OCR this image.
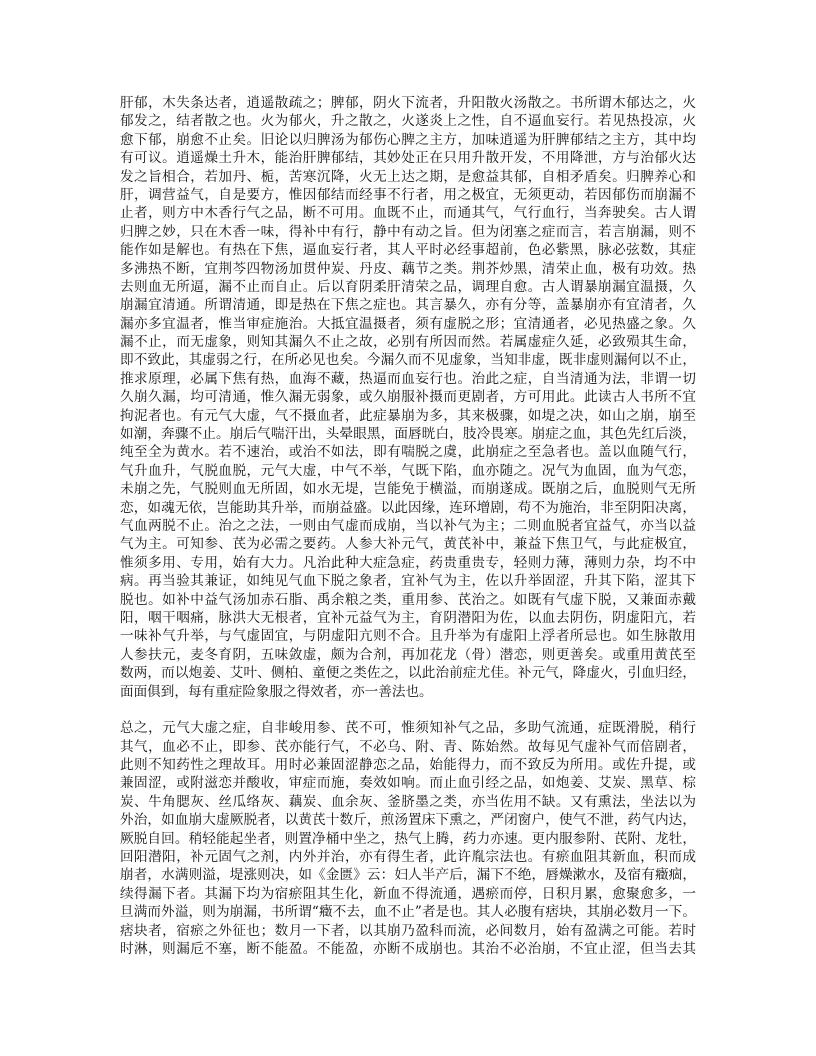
肝郁，木失条达者，逍遥散疏之；脾郁，阴火下流者，升阳散火汤散之。书所谓木郁达之，火
郁发之，结者散之也。火为郁火，升之散之，火遂炎上之性，自不逼血妄行。若见热投凉，火
愈下郁，崩愈不止矣。旧论以归脾汤为郁伤心脾之主方，加味逍遥为肝脾郁结之主方，其中均
有可议。逍遥燥土升木，能治肝脾郁结，其妙处正在只用升散开发，不用降泄，方与治郁火达
发之旨相合，若加丹、栀，苦寒沉降，火无上达之期，是愈益其郁，自相矛盾矣。归脾养心和
肝，调营益气，自是要方，惟因郁结而经事不行者，用之极宜，无须更动，若因郁伤而崩漏不
止者，则方中木香行气之品，断不可用。血既不止，而通其气，气行血行，当奔驶矣。古人谓
归脾之妙，只在木香一味，得补中有行，静中有动之旨。但为闭塞之症而言，若言崩漏，则不
能作如是解也。有热在下焦，逼血妄行者，其人平时必经事超前，色必紫黑，脉必弦数，其症
多沸热不断，宜荆芩四物汤加贯仲炭、丹皮、藕节之类。荆芥炒黑，清荣止血，极有功效。热
去则血无所逼，漏不止而自止。后以育阴柔肝清荣之品，调理自愈。古人谓暴崩漏宜温摄，久
崩漏宜清通。所谓清通，即是热在下焦之症也。其言暴久，亦有分等，盖暴崩亦有宜清者，久
漏亦多宜温者，惟当审症施治。大抵宜温摄者，须有虚脱之形；宜清通者，必见热盛之象。久
漏不止，而无虚象，则知其漏久不止之故，必别有所因而然。若属虚症久延，必致殒其生命，
即不致此，其虚弱之行，在所必见也矣。今漏久而不见虚象，当知非虚，既非虚则漏何以不止，
推求原理，必属下焦有热，血海不藏，热逼而血妄行也。治此之症，自当清通为法，非谓一切
久崩久漏，均可清通，惟久漏无弱象，或久崩服补摄而更剧者，方可用此。此读古人书所不宜
拘泥者也。有元气大虚，气不摄血者，此症暴崩为多，其来极骤，如堤之决，如山之崩，崩至
如潮，奔骤不止。崩后气喘汗出，头晕眼黑，面唇晄白，肢冷畏寒。崩症之血，其色先红后淡，
纯至全为黄水。若不速治，或治不如法，即有喘脱之虞，此崩症之至急者也。盖以血随气行，
气升血升，气脱血脱，元气大虚，中气不举，气既下陷，血亦随之。况气为血固，血为气恋，
未崩之先，气脱则血无所固，如水无堤，岂能免于横溢，而崩遂成。既崩之后，血脱则气无所
恋，如魂无依，岂能助其升举，而崩益盛。以此因缘，连环增剧，苟不为施治，非至阴阳决离，
气血两脱不止。治之之法，一则由气虚而成崩，当以补气为主；二则血脱者宜益气，亦当以益
气为主。可知参、芪为必需之要药。人参大补元气，黄芪补中，兼益下焦卫气，与此症极宜，
惟须多用、专用，始有大力。凡治此种大症急症，药贵重贵专，轻则力薄，薄则力杂，均不中
病。再当验其兼证，如纯见气血下脱之象者，宜补气为主，佐以升举固涩，升其下陷，涩其下
脱也。如补中益气汤加赤石脂、禹余粮之类，重用参、芪治之。如既有气虚下脱，又兼面赤戴
阳，咽干咽痛，脉洪大无根者，宜补元益气为主，育阴潜阳为佐，以血去阴伤，阴虚阳亢，若
一味补气升举，与气虚固宜，与阴虚阳亢则不合。且升举为有虚阳上浮者所忌也。如生脉散用
人参扶元，麦冬育阴，五味敛虚，颇为合剂，再加花龙（骨）潜恋，则更善矣。或重用黄芪至
数两，而以炮姜、艾叶、侧柏、童便之类佐之，以此治前症尤佳。补元气，降虚火，引血归经，
面面俱到，每有重症险象服之得效者，亦一善法也。
总之，元气大虚之症，自非峻用参、芪不可，惟须知补气之品，多助气流通，症既滑脱，稍行
其气，血必不止，即参、芪亦能行气，不必乌、附、青、陈始然。故每见气虚补气而倍剧者，
此则不知药性之理故耳。用时必兼固涩静恋之品，始能得力，而不致反为所用。或佐升提，或
兼固涩，或附滋恋并酸收，审症而施，奏效如响。而止血引经之品，如炮姜、艾炭、黑草、棕
炭、牛角腮灰、丝瓜络灰、藕炭、血余灰、釜脐墨之类，亦当佐用不缺。又有熏法，坐法以为
外治，如血崩大虚厥脱者，以黄芪十数斤，煎汤置床下熏之，严闭窗户，使气不泄，药气内达，
厥脱自回。稍轻能起坐者，则置净桶中坐之，热气上腾，药力亦速。更内服参附、芪附、龙牡，
回阳潜阳，补元固气之剂，内外并治，亦有得生者，此许胤宗法也。有瘀血阻其新血，积而成
崩者，水满则溢，堤涨则决，如《金匮》云：妇人半产后，漏下不绝，唇燥漱水，及宿有癥痼，
续得漏下者。其漏下均为宿瘀阻其生化，新血不得流通，遇瘀而停，日积月累，愈聚愈多，一
旦满而外溢，则为崩漏，书所谓“癥不去，血不止”者是也。其人必腹有痞块，其崩必数月一下。
痞块者，宿瘀之外征也；数月一下者，以其崩乃盈科而流，必间数月，始有盈满之可能。若时
时淋，则漏卮不塞，断不能盈。不能盈，亦断不成崩也。其治不必治崩，不宜止涩，但当去其
